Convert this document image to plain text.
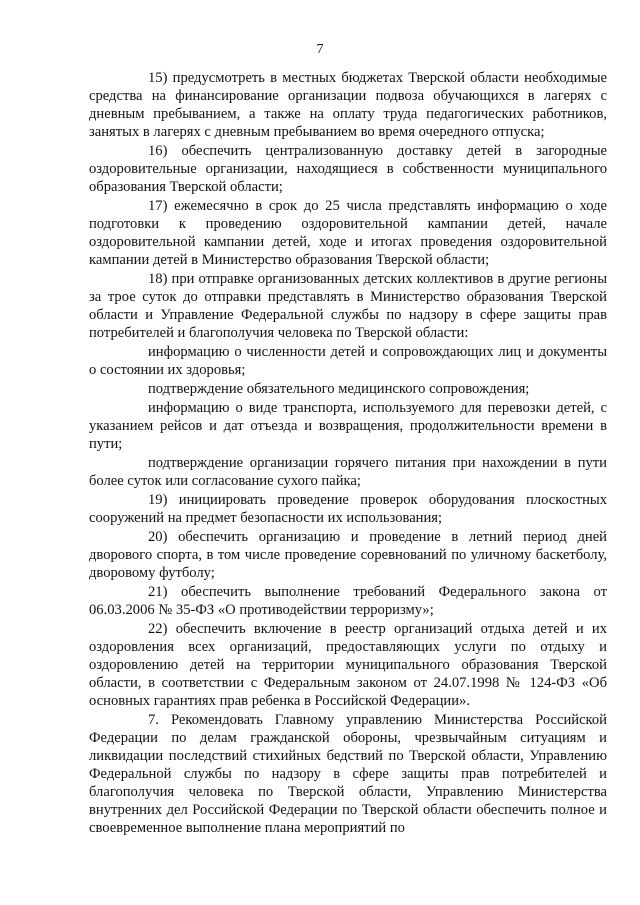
7

15) предусмотреть в местных бюджетах Тверской области необходимые средства на финансирование организации подвоза обучающихся в лагерях с дневным пребыванием, а также на оплату труда педагогических работников, занятых в лагерях с дневным пребыванием во время очередного отпуска;

16) обеспечить централизованную доставку детей в загородные оздоровительные организации, находящиеся в собственности муниципального образования Тверской области;

17) ежемесячно в срок до 25 числа представлять информацию о ходе подготовки к проведению оздоровительной кампании детей, начале оздоровительной кампании детей, ходе и итогах проведения оздоровительной кампании детей в Министерство образования Тверской области;

18) при отправке организованных детских коллективов в другие регионы за трое суток до отправки представлять в Министерство образования Тверской области и Управление Федеральной службы по надзору в сфере защиты прав потребителей и благополучия человека по Тверской области:

информацию о численности детей и сопровождающих лиц и документы о состоянии их здоровья;

подтверждение обязательного медицинского сопровождения;

информацию о виде транспорта, используемого для перевозки детей, с указанием рейсов и дат отъезда и возвращения, продолжительности времени в пути;

подтверждение организации горячего питания при нахождении в пути более суток или согласование сухого пайка;

19) инициировать проведение проверок оборудования плоскостных сооружений на предмет безопасности их использования;

20) обеспечить организацию и проведение в летний период дней дворового спорта, в том числе проведение соревнований по уличному баскетболу, дворовому футболу;

21) обеспечить выполнение требований Федерального закона от 06.03.2006 № 35-ФЗ «О противодействии терроризму»;

22) обеспечить включение в реестр организаций отдыха детей и их оздоровления всех организаций, предоставляющих услуги по отдыху и оздоровлению детей на территории муниципального образования Тверской области, в соответствии с Федеральным законом от 24.07.1998 № 124-ФЗ «Об основных гарантиях прав ребенка в Российской Федерации».

7. Рекомендовать Главному управлению Министерства Российской Федерации по делам гражданской обороны, чрезвычайным ситуациям и ликвидации последствий стихийных бедствий по Тверской области, Управлению Федеральной службы по надзору в сфере защиты прав потребителей и благополучия человека по Тверской области, Управлению Министерства внутренних дел Российской Федерации по Тверской области обеспечить полное и своевременное выполнение плана мероприятий по
